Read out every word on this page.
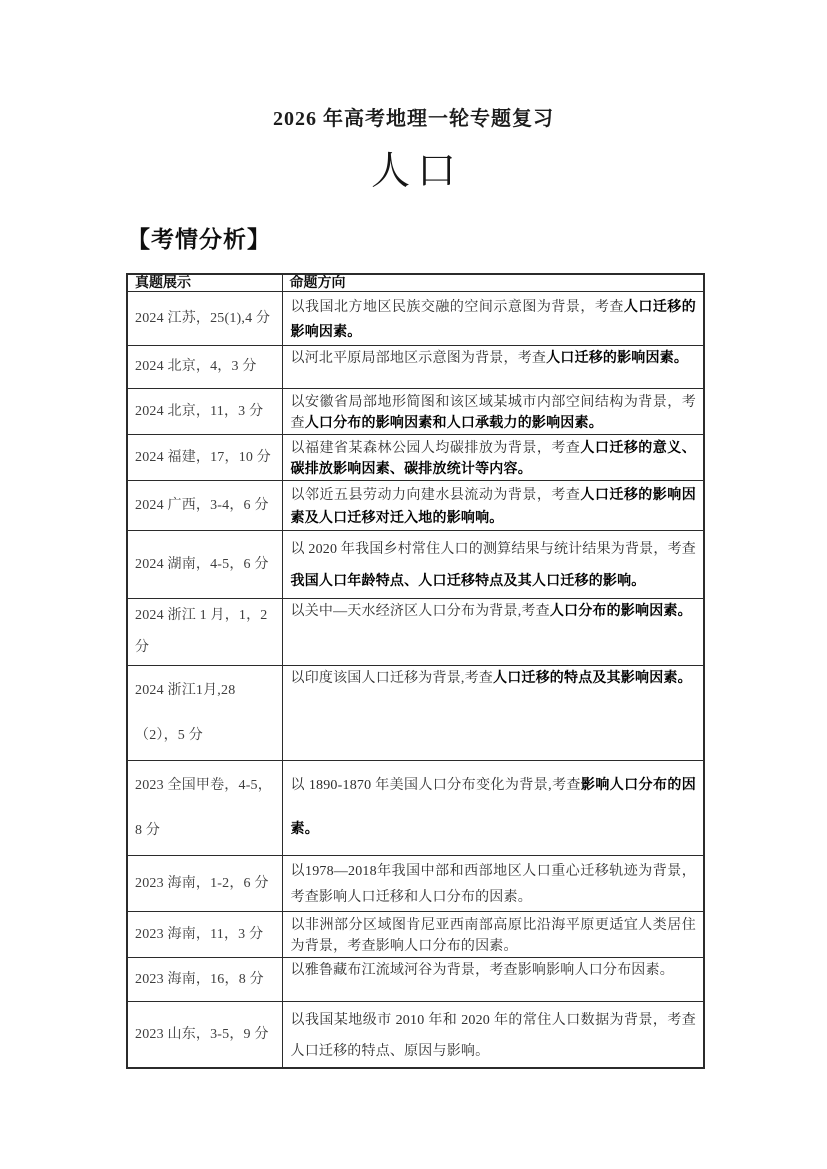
2026 年高考地理一轮专题复习
人口
【考情分析】
真题展示	命题方向
2024 江苏，25(1),4 分	以我国北方地区民族交融的空间示意图为背景，考查人口迁移的影响因素。
2024 北京，4，3 分	以河北平原局部地区示意图为背景，考查人口迁移的影响因素。
2024 北京，11，3 分	以安徽省局部地形简图和该区域某城市内部空间结构为背景，考查人口分布的影响因素和人口承载力的影响因素。
2024 福建，17，10 分	以福建省某森林公园人均碳排放为背景，考查人口迁移的意义、碳排放影响因素、碳排放统计等内容。
2024 广西，3-4，6 分	以邻近五县劳动力向建水县流动为背景，考查人口迁移的影响因素及人口迁移对迁入地的影响响。
2024 湖南，4-5，6 分	以 2020 年我国乡村常住人口的测算结果与统计结果为背景，考查我国人口年龄特点、人口迁移特点及其人口迁移的影响。
2024 浙江 1 月，1，2 分	以关中—天水经济区人口分布为背景,考查人口分布的影响因素。
2024 浙江1月,28（2），5 分	以印度该国人口迁移为背景,考查人口迁移的特点及其影响因素。
2023 全国甲卷，4-5，8 分	以 1890-1870 年美国人口分布变化为背景,考查影响人口分布的因素。
2023 海南，1-2，6 分	以1978—2018年我国中部和西部地区人口重心迁移轨迹为背景，考查影响人口迁移和人口分布的因素。
2023 海南，11，3 分	以非洲部分区域图肯尼亚西南部高原比沿海平原更适宜人类居住为背景，考查影响人口分布的因素。
2023 海南，16，8 分	以雅鲁藏布江流域河谷为背景，考查影响影响人口分布因素。
2023 山东，3-5，9 分	以我国某地级市 2010 年和 2020 年的常住人口数据为背景，考查人口迁移的特点、原因与影响。
